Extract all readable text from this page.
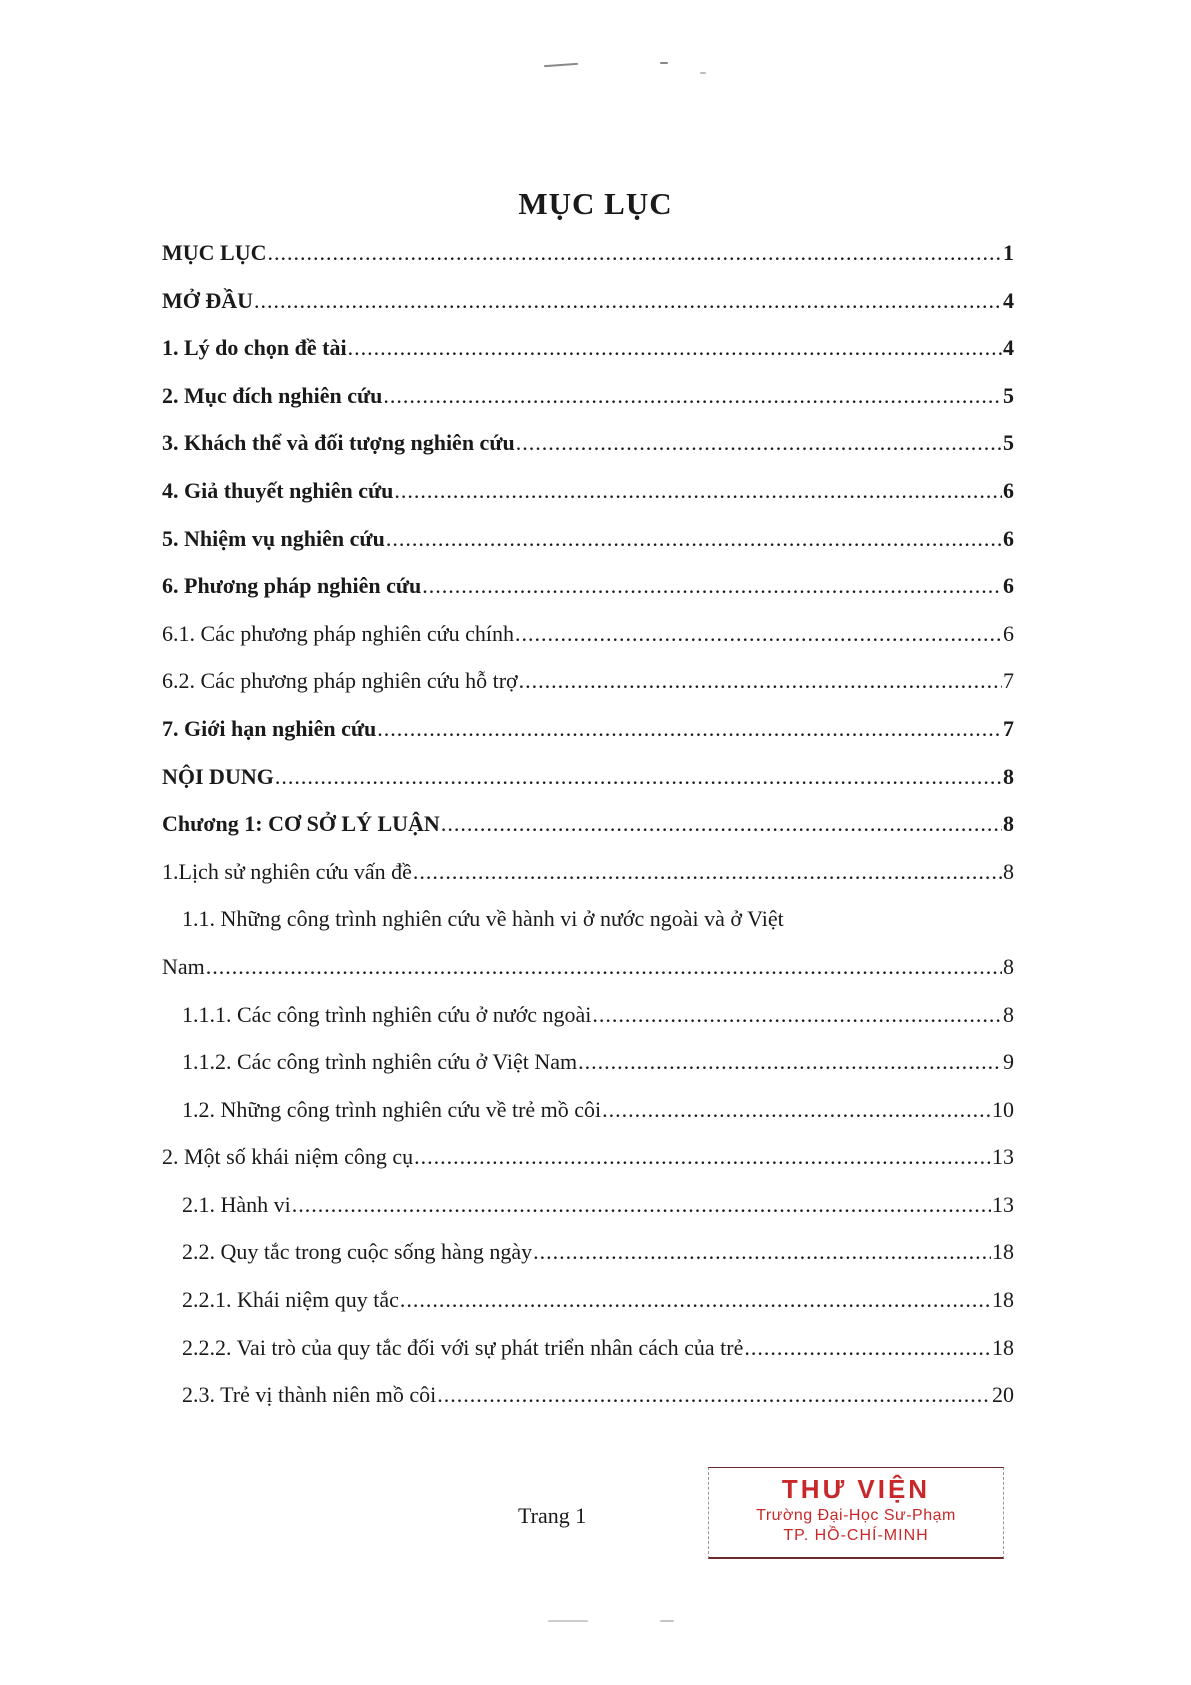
MỤC LỤC
MỤC LỤC .....	1
MỞ ĐẦU .....	4
1. Lý do chọn đề tài .....	4
2. Mục đích nghiên cứu .....	5
3. Khách thể và đối tượng nghiên cứu .....	5
4. Giả thuyết nghiên cứu .....	6
5. Nhiệm vụ nghiên cứu .....	6
6. Phương pháp nghiên cứu .....	6
6.1. Các phương pháp nghiên cứu chính .....	6
6.2. Các phương pháp nghiên cứu hỗ trợ .....	7
7. Giới hạn nghiên cứu .....	7
NỘI DUNG .....	8
Chương 1: CƠ SỞ LÝ LUẬN .....	8
1.Lịch sử nghiên cứu vấn đề .....	8
1.1. Những công trình nghiên cứu về hành vi ở nước ngoài và ở Việt
Nam .....	8
1.1.1. Các công trình nghiên cứu ở nước ngoài .....	8
1.1.2. Các công trình nghiên cứu ở Việt Nam .....	9
1.2. Những công trình nghiên cứu về trẻ mồ côi .....	10
2. Một số khái niệm công cụ .....	13
2.1. Hành vi .....	13
2.2. Quy tắc trong cuộc sống hàng ngày .....	18
2.2.1. Khái niệm quy tắc .....	18
2.2.2. Vai trò của quy tắc đối với sự phát triển nhân cách của trẻ .....	18
2.3. Trẻ vị thành niên mồ côi .....	20
Trang 1
THƯ VIỆN
Trường Đại-Học Sư-Phạm
TP. HỒ-CHÍ-MINH
